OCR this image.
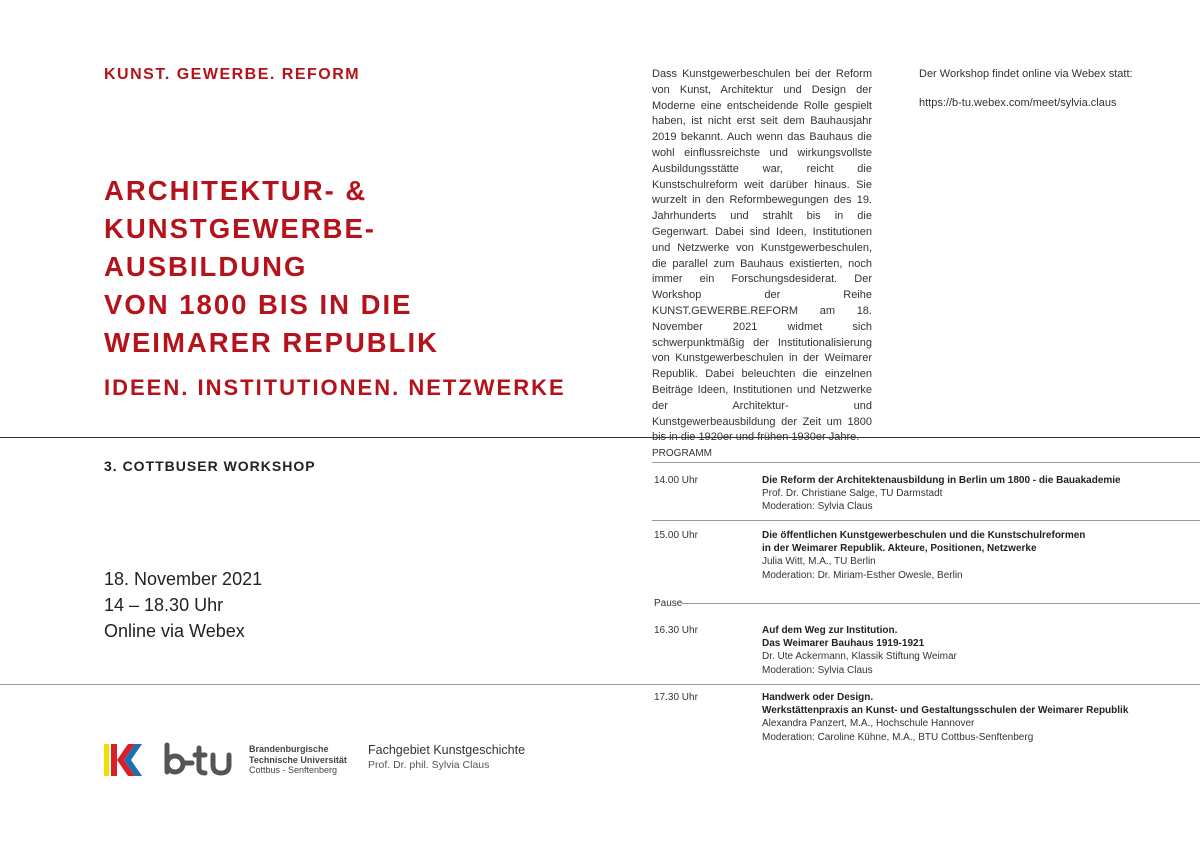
KUNST. GEWERBE. REFORM
ARCHITEKTUR- &
KUNSTGEWERBE-
AUSBILDUNG
VON 1800 BIS IN DIE
WEIMARER REPUBLIK
IDEEN. INSTITUTIONEN. NETZWERKE
Dass Kunstgewerbeschulen bei der Reform von Kunst, Architektur und Design der Moderne eine entscheidende Rolle gespielt haben, ist nicht erst seit dem Bauhausjahr 2019 bekannt. Auch wenn das Bauhaus die wohl einflussreichste und wirkungsvollste Ausbildungsstätte war, reicht die Kunstschulreform weit darüber hinaus. Sie wurzelt in den Reformbewegungen des 19. Jahrhunderts und strahlt bis in die Gegenwart. Dabei sind Ideen, Institutionen und Netzwerke von Kunstgewerbeschulen, die parallel zum Bauhaus existierten, noch immer ein Forschungsdesiderat. Der Workshop der Reihe KUNST.GEWERBE.REFORM am 18. November 2021 widmet sich schwerpunktmäßig der Institutionalisierung von Kunstgewerbeschulen in der Weimarer Republik. Dabei beleuchten die einzelnen Beiträge Ideen, Institutionen und Netzwerke der Architektur- und Kunstgewerbeausbildung der Zeit um 1800 bis in die 1920er und frühen 1930er Jahre.
Der Workshop findet online via Webex statt:
https://b-tu.webex.com/meet/sylvia.claus
3. COTTBUSER WORKSHOP
18. November 2021
14 – 18.30 Uhr
Online via Webex
PROGRAMM
14.00 Uhr	Die Reform der Architektenausbildung in Berlin um 1800 - die Bauakademie
Prof. Dr. Christiane Salge, TU Darmstadt
Moderation: Sylvia Claus
15.00 Uhr	Die öffentlichen Kunstgewerbeschulen und die Kunstschulreformen
in der Weimarer Republik. Akteure, Positionen, Netzwerke
Julia Witt, M.A., TU Berlin
Moderation: Dr. Miriam-Esther Owesle, Berlin
Pause
16.30 Uhr	Auf dem Weg zur Institution.
Das Weimarer Bauhaus 1919-1921
Dr. Ute Ackermann, Klassik Stiftung Weimar
Moderation: Sylvia Claus
17.30 Uhr	Handwerk oder Design.
Werkstättenpraxis an Kunst- und Gestaltungsschulen der Weimarer Republik
Alexandra Panzert, M.A., Hochschule Hannover
Moderation: Caroline Kühne, M.A., BTU Cottbus-Senftenberg
Brandenburgische
Technische Universität
Cottbus - Senftenberg
Fachgebiet Kunstgeschichte
Prof. Dr. phil. Sylvia Claus
